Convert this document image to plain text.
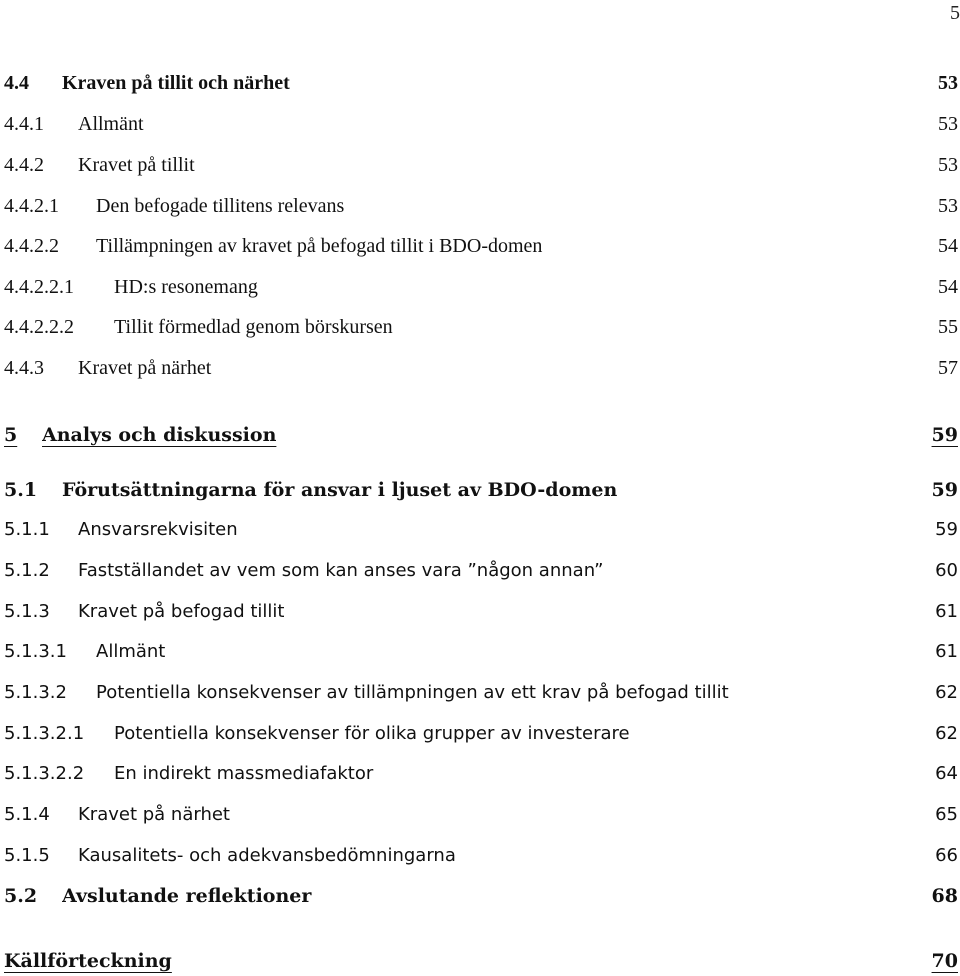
5
4.4	Kraven på tillit och närhet	53
4.4.1	Allmänt	53
4.4.2	Kravet på tillit	53
4.4.2.1	Den befogade tillitens relevans	53
4.4.2.2	Tillämpningen av kravet på befogad tillit i BDO-domen	54
4.4.2.2.1	HD:s resonemang	54
4.4.2.2.2	Tillit förmedlad genom börskursen	55
4.4.3	Kravet på närhet	57
5	Analys och diskussion	59
5.1	Förutsättningarna för ansvar i ljuset av BDO-domen	59
5.1.1	Ansvarsrekvisiten	59
5.1.2	Fastställandet av vem som kan anses vara ”någon annan”	60
5.1.3	Kravet på befogad tillit	61
5.1.3.1	Allmänt	61
5.1.3.2	Potentiella konsekvenser av tillämpningen av ett krav på befogad tillit	62
5.1.3.2.1	Potentiella konsekvenser för olika grupper av investerare	62
5.1.3.2.2	En indirekt massmediafaktor	64
5.1.4	Kravet på närhet	65
5.1.5	Kausalitets- och adekvansbedömningarna	66
5.2	Avslutande reflektioner	68
Källförteckning	70
